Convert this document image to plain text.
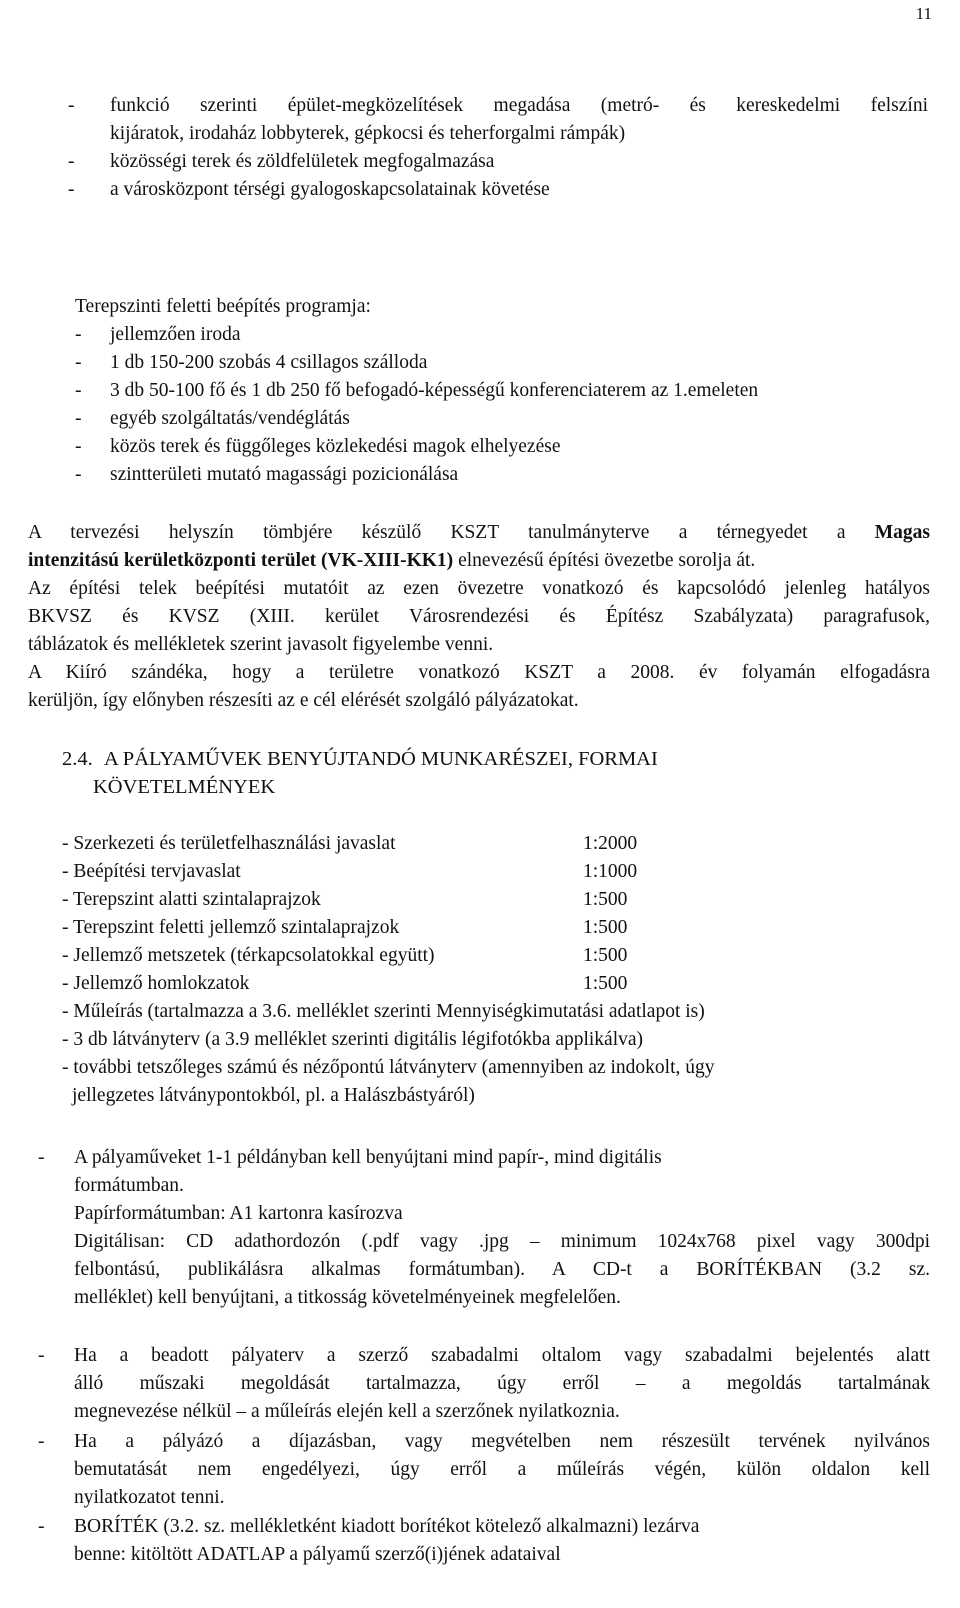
11
- funkció szerinti épület-megközelítések megadása (metró- és kereskedelmi felszíni
kijáratok, irodaház lobbyterek, gépkocsi és teherforgalmi rámpák)
- közösségi terek és zöldfelületek megfogalmazása
- a városközpont térségi gyalogoskapcsolatainak követése
Terepszinti feletti beépítés programja:
- jellemzően iroda
- 1 db 150-200 szobás 4 csillagos szálloda
- 3 db 50-100 fő és 1 db 250 fő befogadó-képességű konferenciaterem az 1.emeleten
- egyéb szolgáltatás/vendéglátás
- közös terek és függőleges közlekedési magok elhelyezése
- szintterületi mutató magassági pozicionálása
A tervezési helyszín tömbjére készülő KSZT tanulmányterve a térnegyedet a Magas
intenzitású kerületközponti terület (VK-XIII-KK1) elnevezésű építési övezetbe sorolja át.
Az építési telek beépítési mutatóit az ezen övezetre vonatkozó és kapcsolódó jelenleg hatályos
BKVSZ és KVSZ (XIII. kerület Városrendezési és Építész Szabályzata) paragrafusok,
táblázatok és mellékletek szerint javasolt figyelembe venni.
A Kiíró szándéka, hogy a területre vonatkozó KSZT a 2008. év folyamán elfogadásra
kerüljön, így előnyben részesíti az e cél elérését szolgáló pályázatokat.
2.4. A PÁLYAMŰVEK BENYÚJTANDÓ MUNKARÉSZEI, FORMAI
KÖVETELMÉNYEK
- Szerkezeti és területfelhasználási javaslat	1:2000
- Beépítési tervjavaslat	1:1000
- Terepszint alatti szintalaprajzok	1:500
- Terepszint feletti jellemző szintalaprajzok	1:500
- Jellemző metszetek (térkapcsolatokkal együtt)	1:500
- Jellemző homlokzatok	1:500
- Műleírás (tartalmazza a 3.6. melléklet szerinti Mennyiségkimutatási adatlapot is)
- 3 db látványterv (a 3.9 melléklet szerinti digitális légifotókba applikálva)
- további tetszőleges számú és nézőpontú látványterv (amennyiben az indokolt, úgy
jellegzetes látványpontokból, pl. a Halászbástyáról)
- A pályaműveket 1-1 példányban kell benyújtani mind papír-, mind digitális
formátumban.
Papírformátumban: A1 kartonra kasírozva
Digitálisan: CD adathordozón (.pdf vagy .jpg – minimum 1024x768 pixel vagy 300dpi
felbontású, publikálásra alkalmas formátumban). A CD-t a BORÍTÉKBAN (3.2 sz.
melléklet) kell benyújtani, a titkosság követelményeinek megfelelően.
- Ha a beadott pályaterv a szerző szabadalmi oltalom vagy szabadalmi bejelentés alatt
álló műszaki megoldását tartalmazza, úgy erről – a megoldás tartalmának
megnevezése nélkül – a műleírás elején kell a szerzőnek nyilatkoznia.
- Ha a pályázó a díjazásban, vagy megvételben nem részesült tervének nyilvános
bemutatását nem engedélyezi, úgy erről a műleírás végén, külön oldalon kell
nyilatkozatot tenni.
- BORÍTÉK (3.2. sz. mellékletként kiadott borítékot kötelező alkalmazni) lezárva
benne: kitöltött ADATLAP a pályamű szerző(i)jének adataival
